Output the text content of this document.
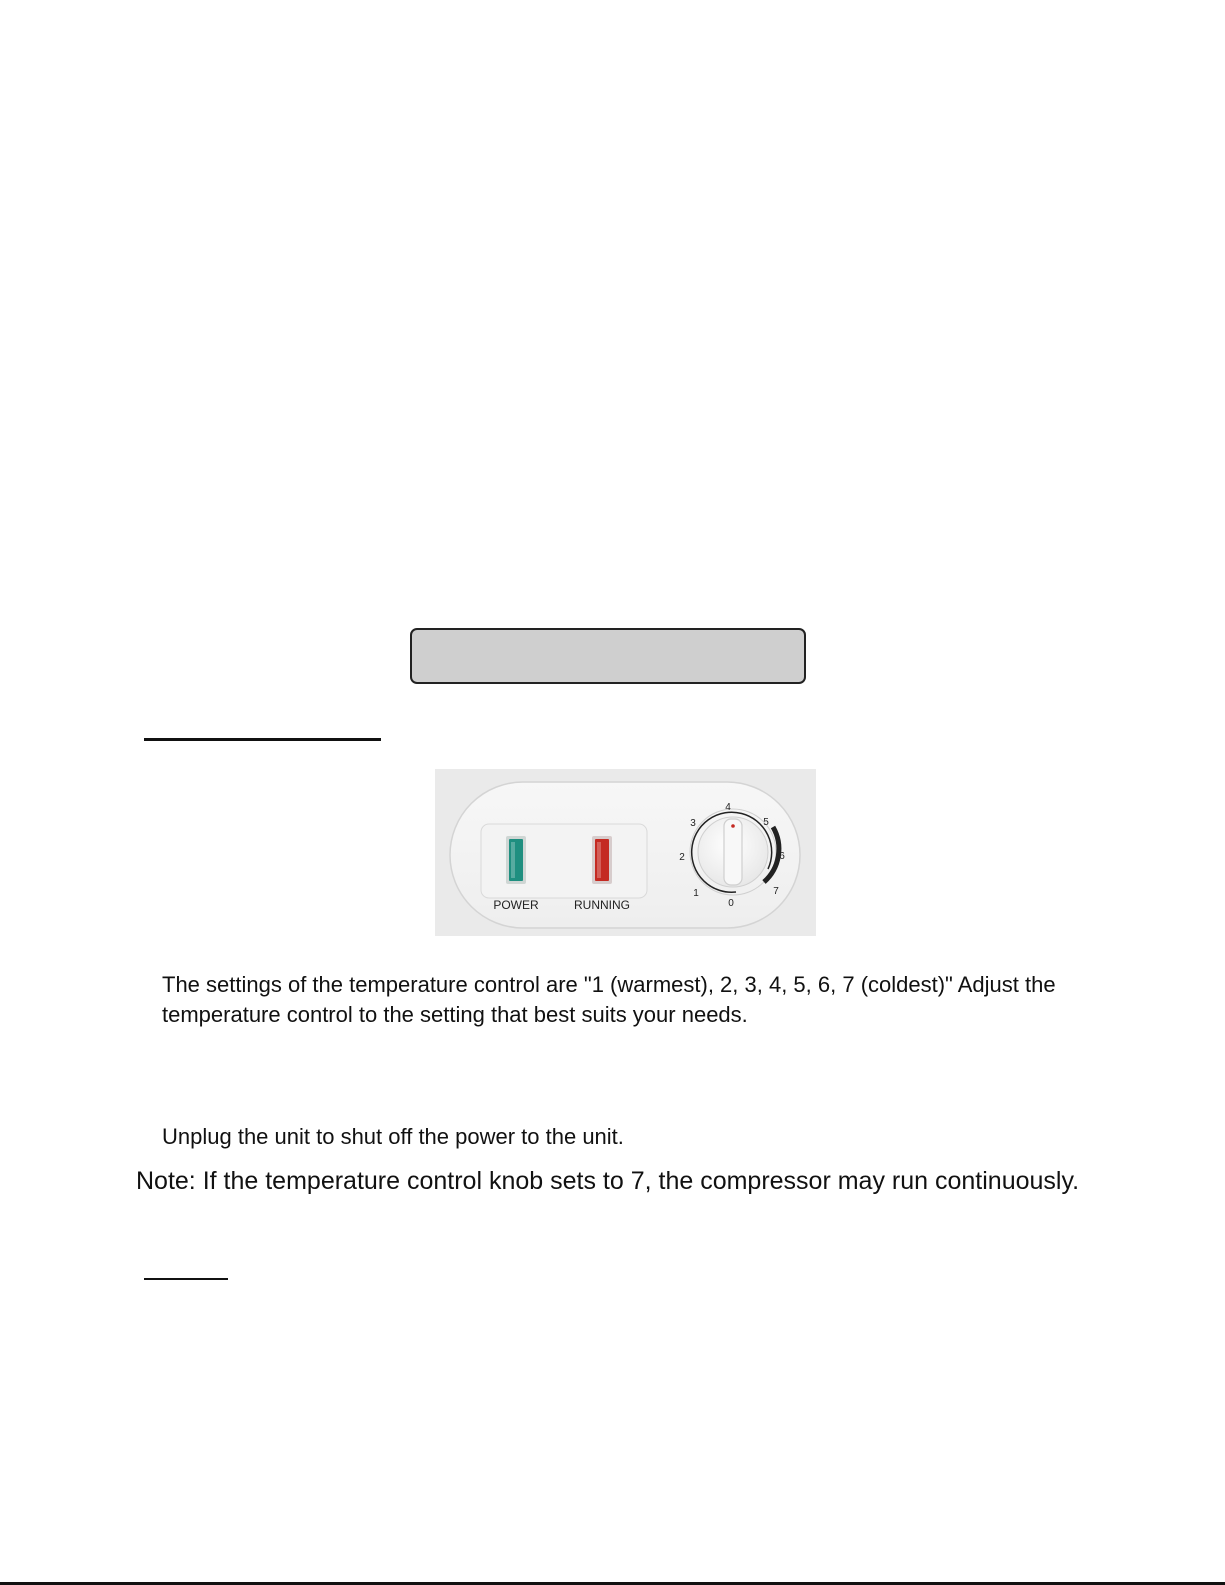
POWER	RUNNING	0
1
2
3
4
5
6
7

The settings of the temperature control are "1 (warmest), 2, 3, 4, 5, 6, 7 (coldest)" Adjust the temperature control to the setting that best suits your needs.

Unplug the unit to shut off the power to the unit.

Note: If the temperature control knob sets to 7, the compressor may run continuously.
